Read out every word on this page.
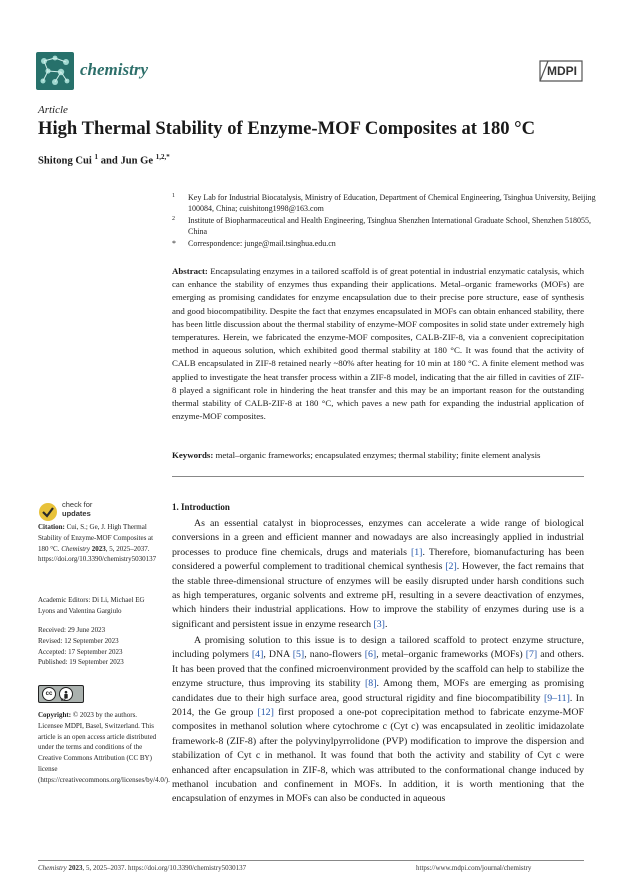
chemistry	MDPI
Article
High Thermal Stability of Enzyme-MOF Composites at 180 °C
Shitong Cui $^1$ and Jun Ge $^{1,2,*}$
1 Key Lab for Industrial Biocatalysis, Ministry of Education, Department of Chemical Engineering, Tsinghua University, Beijing 100084, China; cuishitong1998@163.com
2 Institute of Biopharmaceutical and Health Engineering, Tsinghua Shenzhen International Graduate School, Shenzhen 518055, China
* Correspondence: junge@mail.tsinghua.edu.cn
Abstract: Encapsulating enzymes in a tailored scaffold is of great potential in industrial enzymatic catalysis, which can enhance the stability of enzymes thus expanding their applications. Metal–organic frameworks (MOFs) are emerging as promising candidates for enzyme encapsulation due to their precise pore structure, ease of synthesis and good biocompatibility. Despite the fact that enzymes encapsulated in MOFs can obtain enhanced stability, there has been little discussion about the thermal stability of enzyme-MOF composites in solid state under extremely high temperatures. Herein, we fabricated the enzyme-MOF composites, CALB-ZIF-8, via a convenient coprecipitation method in aqueous solution, which exhibited good thermal stability at 180 °C. It was found that the activity of CALB encapsulated in ZIF-8 retained nearly ~80% after heating for 10 min at 180 °C. A finite element method was applied to investigate the heat transfer process within a ZIF-8 model, indicating that the air filled in cavities of ZIF-8 played a significant role in hindering the heat transfer and this may be an important reason for the outstanding thermal stability of CALB-ZIF-8 at 180 °C, which paves a new path for expanding the industrial application of enzyme-MOF composites.
Keywords: metal–organic frameworks; encapsulated enzymes; thermal stability; finite element analysis
check for
updates
Citation: Cui, S.; Ge, J. High Thermal Stability of Enzyme-MOF Composites at 180 °C. Chemistry 2023, 5, 2025–2037. https://doi.org/10.3390/chemistry5030137
Academic Editors: Di Li, Michael EG Lyons and Valentina Gargiulo
Received: 29 June 2023
Revised: 12 September 2023
Accepted: 17 September 2023
Published: 19 September 2023
cc
BY
Copyright: © 2023 by the authors. Licensee MDPI, Basel, Switzerland. This article is an open access article distributed under the terms and conditions of the Creative Commons Attribution (CC BY) license (https://creativecommons.org/licenses/by/4.0/).
1. Introduction
As an essential catalyst in bioprocesses, enzymes can accelerate a wide range of biological conversions in a green and efficient manner and nowadays are also increasingly applied in industrial processes to produce fine chemicals, drugs and materials [1]. Therefore, biomanufacturing has been considered a powerful complement to traditional chemical synthesis [2]. However, the fact remains that the stable three-dimensional structure of enzymes will be easily disrupted under harsh conditions such as high temperatures, organic solvents and extreme pH, resulting in a severe deactivation of enzymes, which hinders their industrial applications. How to improve the stability of enzymes during use is a significant and persistent issue in enzyme research [3].
A promising solution to this issue is to design a tailored scaffold to protect enzyme structure, including polymers [4], DNA [5], nano-flowers [6], metal–organic frameworks (MOFs) [7] and others. It has been proved that the confined microenvironment provided by the scaffold can help to stabilize the enzyme structure, thus improving its stability [8]. Among them, MOFs are emerging as promising candidates due to their high surface area, good structural rigidity and fine biocompatibility [9–11]. In 2014, the Ge group [12] first proposed a one-pot coprecipitation method to fabricate enzyme-MOF composites in methanol solution where cytochrome c (Cyt c) was encapsulated in zeolitic imidazolate framework-8 (ZIF-8) after the polyvinylpyrrolidone (PVP) modification to improve the dispersion and stabilization of Cyt c in methanol. It was found that both the activity and stability of Cyt c were enhanced after encapsulation in ZIF-8, which was attributed to the conformational change induced by methanol incubation and confinement in MOFs. In addition, it is worth mentioning that the encapsulation of enzymes in MOFs can also be conducted in aqueous
Chemistry 2023, 5, 2025–2037. https://doi.org/10.3390/chemistry5030137	https://www.mdpi.com/journal/chemistry
